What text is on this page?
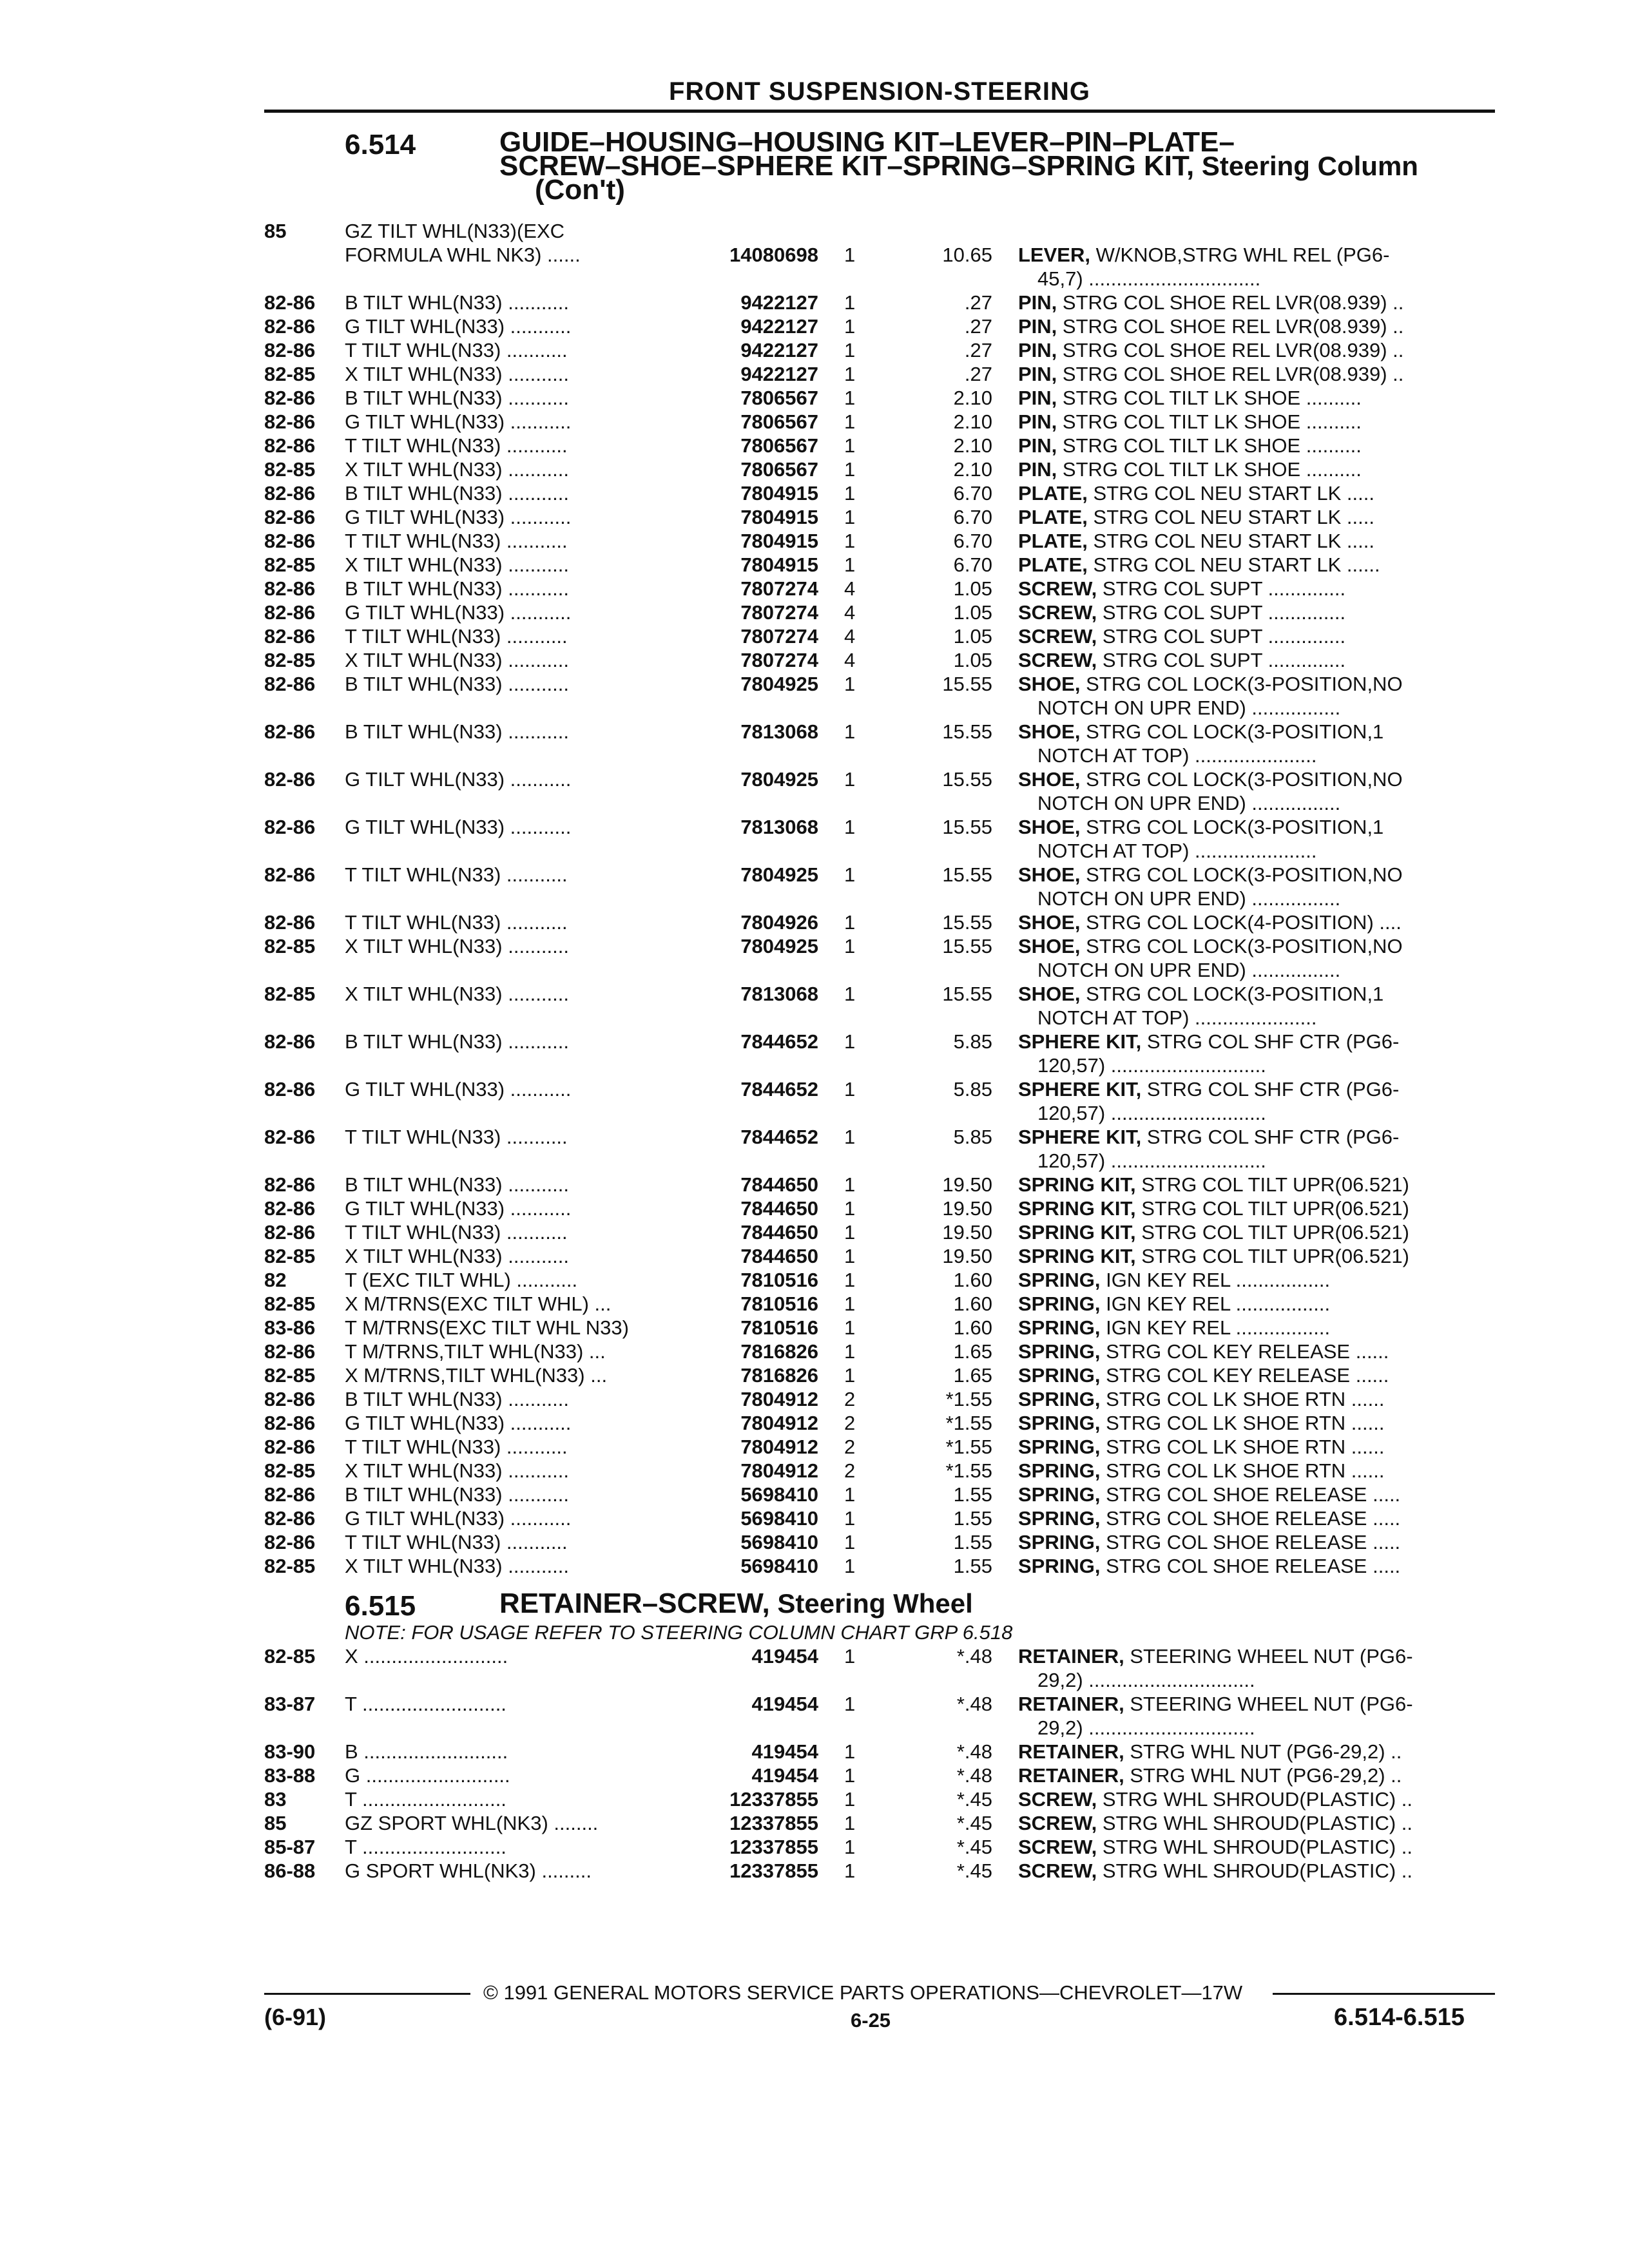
FRONT SUSPENSION-STEERING
6.514	GUIDE–HOUSING–HOUSING KIT–LEVER–PIN–PLATE–
SCREW–SHOE–SPHERE KIT–SPRING–SPRING KIT, Steering Column
(Con't)
85	GZ TILT WHL(N33)(EXC
FORMULA WHL NK3) ......	14080698 1	10.65 LEVER, W/KNOB,STRG WHL REL (PG6-
45,7) ...............................
82-86 B TILT WHL(N33) ...........	9422127 1	.27 PIN, STRG COL SHOE REL LVR(08.939) ..
82-86 G TILT WHL(N33) ...........	9422127 1	.27 PIN, STRG COL SHOE REL LVR(08.939) ..
82-86 T TILT WHL(N33) ...........	9422127 1	.27 PIN, STRG COL SHOE REL LVR(08.939) ..
82-85 X TILT WHL(N33) ...........	9422127 1	.27 PIN, STRG COL SHOE REL LVR(08.939) ..
82-86 B TILT WHL(N33) ...........	7806567 1	2.10 PIN, STRG COL TILT LK SHOE ..........
82-86 G TILT WHL(N33) ...........	7806567 1	2.10 PIN, STRG COL TILT LK SHOE ..........
82-86 T TILT WHL(N33) ...........	7806567 1	2.10 PIN, STRG COL TILT LK SHOE ..........
82-85 X TILT WHL(N33) ...........	7806567 1	2.10 PIN, STRG COL TILT LK SHOE ..........
82-86 B TILT WHL(N33) ...........	7804915 1	6.70 PLATE, STRG COL NEU START LK .....
82-86 G TILT WHL(N33) ...........	7804915 1	6.70 PLATE, STRG COL NEU START LK .....
82-86 T TILT WHL(N33) ...........	7804915 1	6.70 PLATE, STRG COL NEU START LK .....
82-85 X TILT WHL(N33) ...........	7804915 1	6.70 PLATE, STRG COL NEU START LK ......
82-86 B TILT WHL(N33) ...........	7807274 4	1.05 SCREW, STRG COL SUPT ..............
82-86 G TILT WHL(N33) ...........	7807274 4	1.05 SCREW, STRG COL SUPT ..............
82-86 T TILT WHL(N33) ...........	7807274 4	1.05 SCREW, STRG COL SUPT ..............
82-85 X TILT WHL(N33) ...........	7807274 4	1.05 SCREW, STRG COL SUPT ..............
82-86 B TILT WHL(N33) ...........	7804925 1	15.55 SHOE, STRG COL LOCK(3-POSITION,NO
NOTCH ON UPR END) ................
82-86 B TILT WHL(N33) ...........	7813068 1	15.55 SHOE, STRG COL LOCK(3-POSITION,1
NOTCH AT TOP) ......................
82-86 G TILT WHL(N33) ...........	7804925 1	15.55 SHOE, STRG COL LOCK(3-POSITION,NO
NOTCH ON UPR END) ................
82-86 G TILT WHL(N33) ...........	7813068 1	15.55 SHOE, STRG COL LOCK(3-POSITION,1
NOTCH AT TOP) ......................
82-86 T TILT WHL(N33) ...........	7804925 1	15.55 SHOE, STRG COL LOCK(3-POSITION,NO
NOTCH ON UPR END) ................
82-86 T TILT WHL(N33) ...........	7804926 1	15.55 SHOE, STRG COL LOCK(4-POSITION) ....
82-85 X TILT WHL(N33) ...........	7804925 1	15.55 SHOE, STRG COL LOCK(3-POSITION,NO
NOTCH ON UPR END) ................
82-85 X TILT WHL(N33) ...........	7813068 1	15.55 SHOE, STRG COL LOCK(3-POSITION,1
NOTCH AT TOP) ......................
82-86 B TILT WHL(N33) ...........	7844652 1	5.85 SPHERE KIT, STRG COL SHF CTR (PG6-
120,57) ............................
82-86 G TILT WHL(N33) ...........	7844652 1	5.85 SPHERE KIT, STRG COL SHF CTR (PG6-
120,57) ............................
82-86 T TILT WHL(N33) ...........	7844652 1	5.85 SPHERE KIT, STRG COL SHF CTR (PG6-
120,57) ............................
82-86 B TILT WHL(N33) ...........	7844650 1	19.50 SPRING KIT, STRG COL TILT UPR(06.521)
82-86 G TILT WHL(N33) ...........	7844650 1	19.50 SPRING KIT, STRG COL TILT UPR(06.521)
82-86 T TILT WHL(N33) ...........	7844650 1	19.50 SPRING KIT, STRG COL TILT UPR(06.521)
82-85 X TILT WHL(N33) ...........	7844650 1	19.50 SPRING KIT, STRG COL TILT UPR(06.521)
82	T (EXC TILT WHL) ...........	7810516 1	1.60 SPRING, IGN KEY REL .................
82-85 X M/TRNS(EXC TILT WHL) ...	7810516 1	1.60 SPRING, IGN KEY REL .................
83-86 T M/TRNS(EXC TILT WHL N33)	7810516 1	1.60 SPRING, IGN KEY REL .................
82-86 T M/TRNS,TILT WHL(N33) ...	7816826 1	1.65 SPRING, STRG COL KEY RELEASE ......
82-85 X M/TRNS,TILT WHL(N33) ...	7816826 1	1.65 SPRING, STRG COL KEY RELEASE ......
82-86 B TILT WHL(N33) ...........	7804912 2	*1.55 SPRING, STRG COL LK SHOE RTN ......
82-86 G TILT WHL(N33) ...........	7804912 2	*1.55 SPRING, STRG COL LK SHOE RTN ......
82-86 T TILT WHL(N33) ...........	7804912 2	*1.55 SPRING, STRG COL LK SHOE RTN ......
82-85 X TILT WHL(N33) ...........	7804912 2	*1.55 SPRING, STRG COL LK SHOE RTN ......
82-86 B TILT WHL(N33) ...........	5698410 1	1.55 SPRING, STRG COL SHOE RELEASE .....
82-86 G TILT WHL(N33) ...........	5698410 1	1.55 SPRING, STRG COL SHOE RELEASE .....
82-86 T TILT WHL(N33) ...........	5698410 1	1.55 SPRING, STRG COL SHOE RELEASE .....
82-85 X TILT WHL(N33) ...........	5698410 1	1.55 SPRING, STRG COL SHOE RELEASE .....
6.515	RETAINER–SCREW, Steering Wheel
NOTE: FOR USAGE REFER TO STEERING COLUMN CHART GRP 6.518
82-85 X ..........................	419454 1	*.48 RETAINER, STEERING WHEEL NUT (PG6-
29,2) ..............................
83-87 T ..........................	419454 1	*.48 RETAINER, STEERING WHEEL NUT (PG6-
29,2) ..............................
83-90 B ..........................	419454 1	*.48 RETAINER, STRG WHL NUT (PG6-29,2) ..
83-88 G ..........................	419454 1	*.48 RETAINER, STRG WHL NUT (PG6-29,2) ..
83	T ..........................	12337855 1	*.45 SCREW, STRG WHL SHROUD(PLASTIC) ..
85	GZ SPORT WHL(NK3) ........	12337855 1	*.45 SCREW, STRG WHL SHROUD(PLASTIC) ..
85-87 T ..........................	12337855 1	*.45 SCREW, STRG WHL SHROUD(PLASTIC) ..
86-88 G SPORT WHL(NK3) .........	12337855 1	*.45 SCREW, STRG WHL SHROUD(PLASTIC) ..
© 1991 GENERAL MOTORS SERVICE PARTS OPERATIONS—CHEVROLET—17W
(6-91)	6-25	6.514-6.515
